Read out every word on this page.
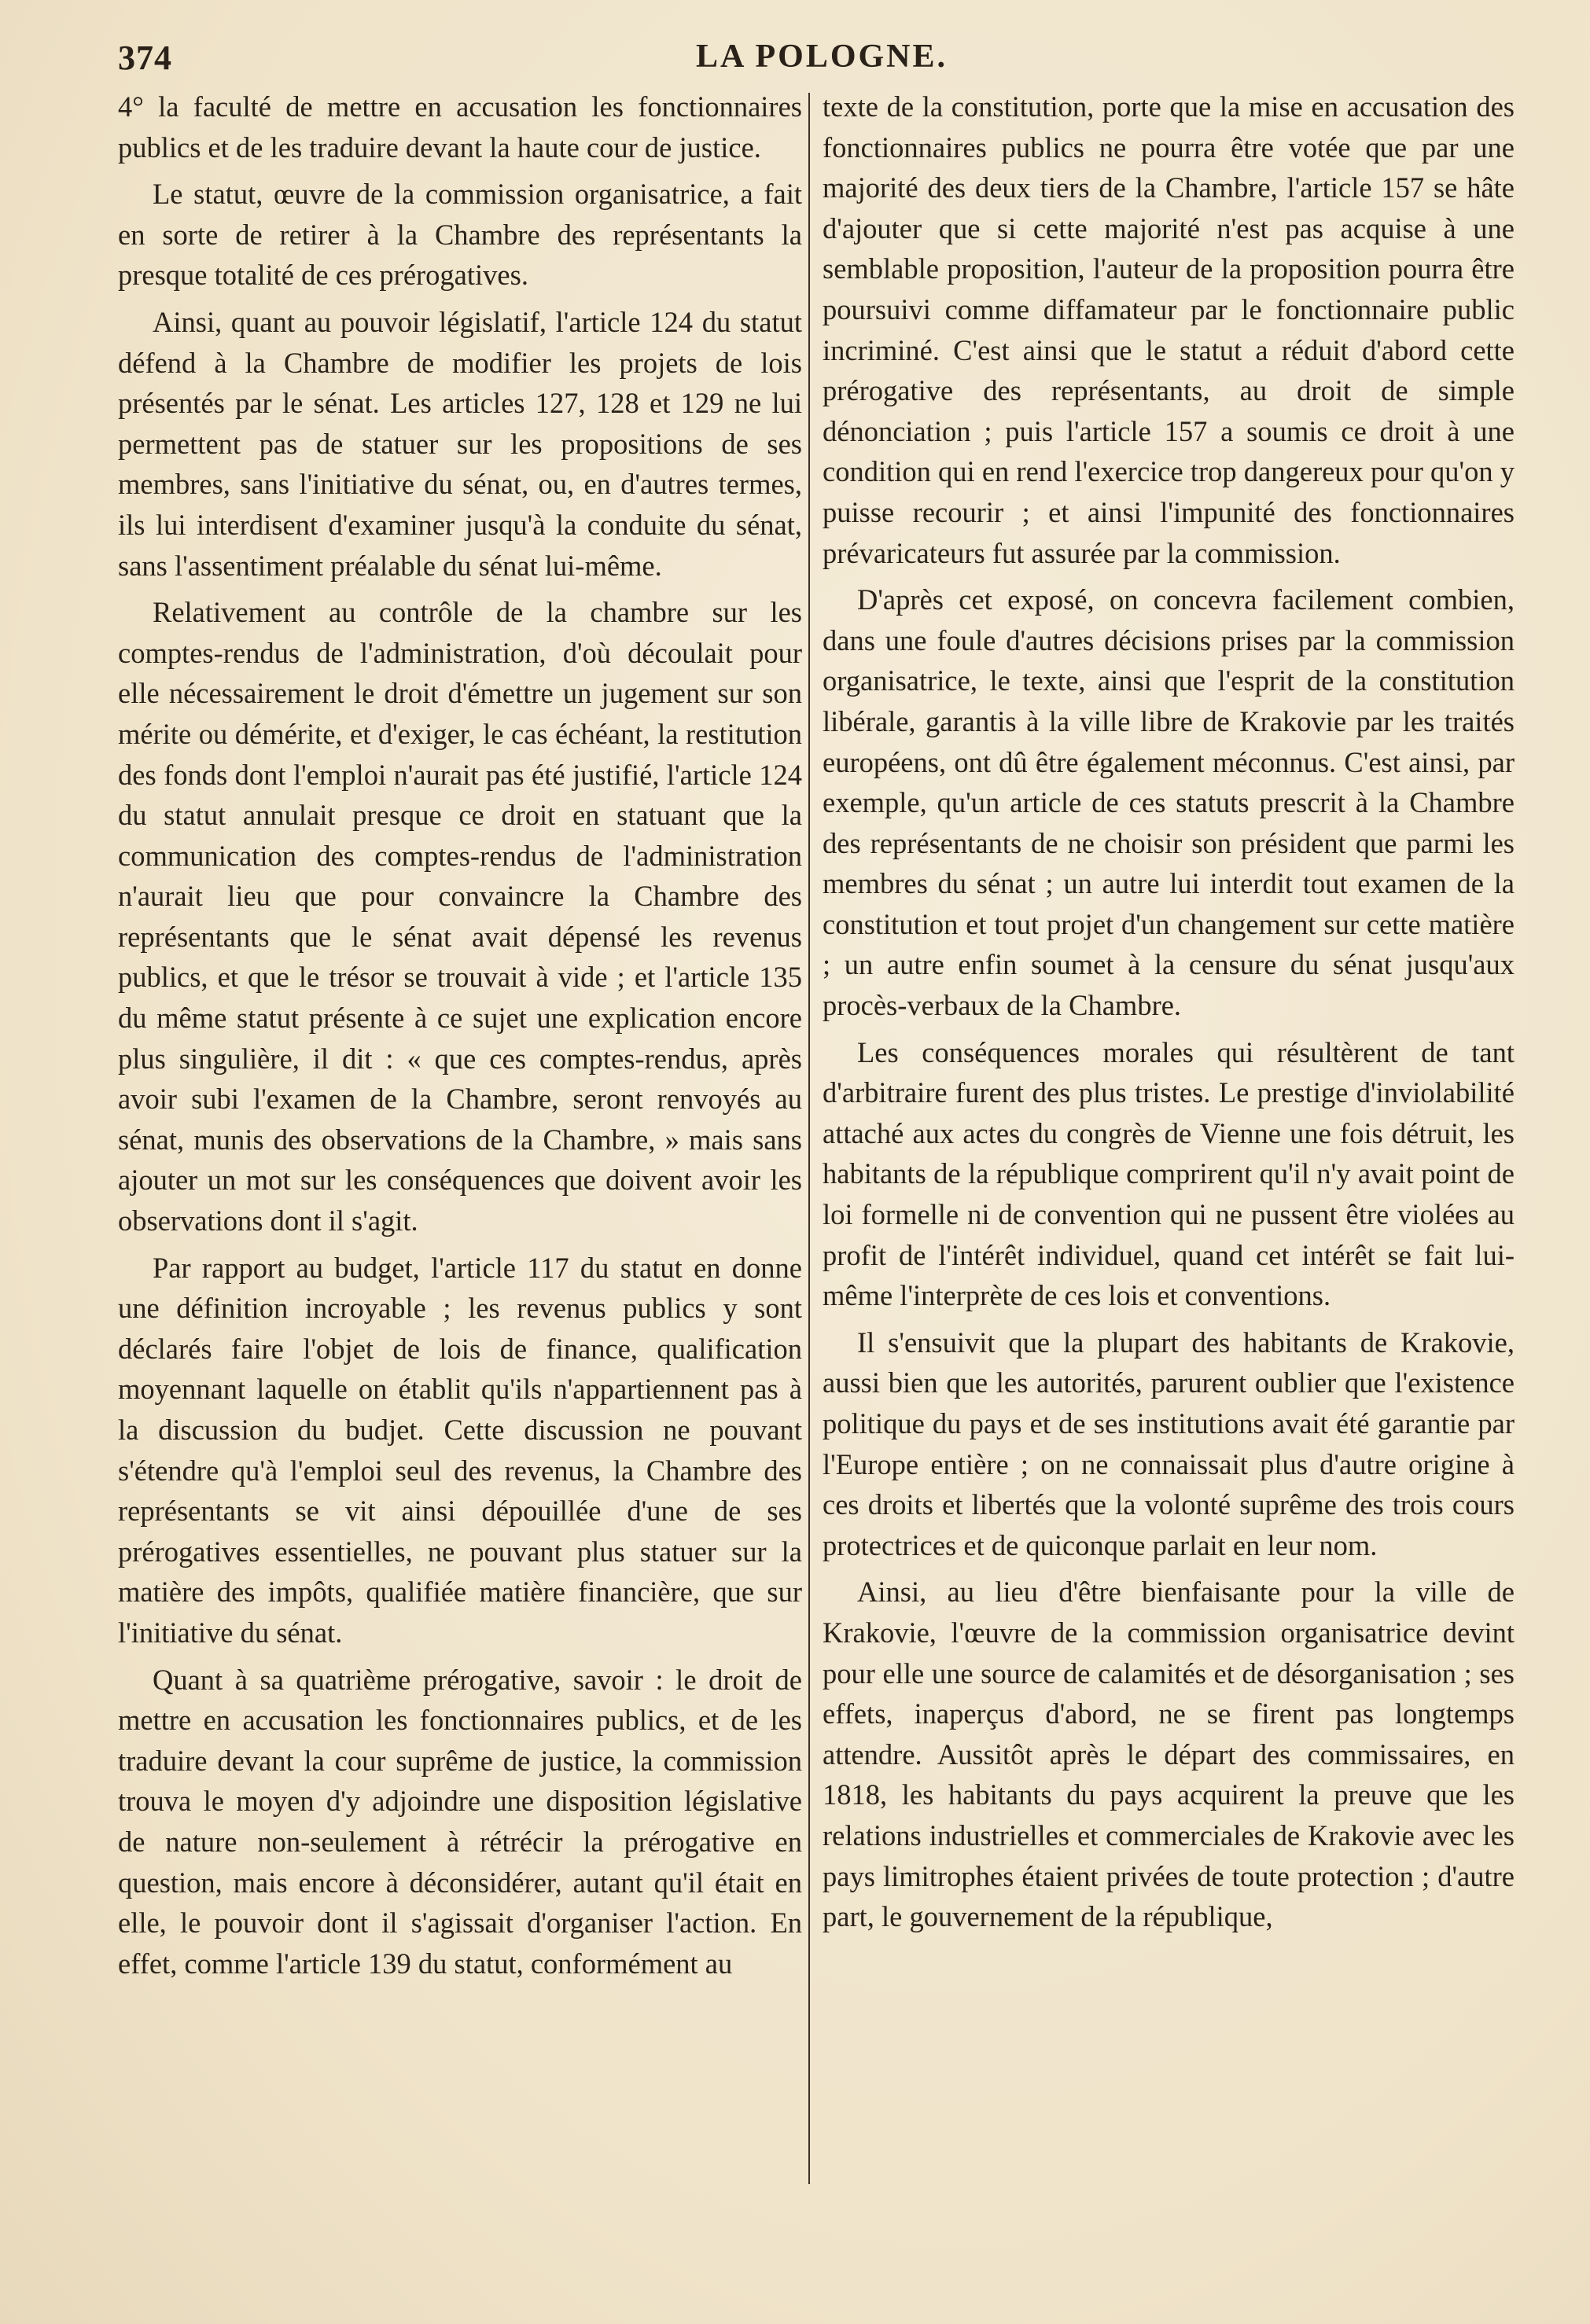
374	LA POLOGNE.

4° la faculté de mettre en accusation les fonctionnaires publics et de les traduire devant la haute cour de justice.

Le statut, œuvre de la commission organisatrice, a fait en sorte de retirer à la Chambre des représentants la presque totalité de ces prérogatives.

Ainsi, quant au pouvoir législatif, l'article 124 du statut défend à la Chambre de modifier les projets de lois présentés par le sénat. Les articles 127, 128 et 129 ne lui permettent pas de statuer sur les propositions de ses membres, sans l'initiative du sénat, ou, en d'autres termes, ils lui interdisent d'examiner jusqu'à la conduite du sénat, sans l'assentiment préalable du sénat lui-même.

Relativement au contrôle de la chambre sur les comptes-rendus de l'administration, d'où découlait pour elle nécessairement le droit d'émettre un jugement sur son mérite ou démérite, et d'exiger, le cas échéant, la restitution des fonds dont l'emploi n'aurait pas été justifié, l'article 124 du statut annulait presque ce droit en statuant que la communication des comptes-rendus de l'administration n'aurait lieu que pour convaincre la Chambre des représentants que le sénat avait dépensé les revenus publics, et que le trésor se trouvait à vide ; et l'article 135 du même statut présente à ce sujet une explication encore plus singulière, il dit : « que ces comptes-rendus, après avoir subi l'examen de la Chambre, seront renvoyés au sénat, munis des observations de la Chambre, » mais sans ajouter un mot sur les conséquences que doivent avoir les observations dont il s'agit.

Par rapport au budget, l'article 117 du statut en donne une définition incroyable ; les revenus publics y sont déclarés faire l'objet de lois de finance, qualification moyennant laquelle on établit qu'ils n'appartiennent pas à la discussion du budjet. Cette discussion ne pouvant s'étendre qu'à l'emploi seul des revenus, la Chambre des représentants se vit ainsi dépouillée d'une de ses prérogatives essentielles, ne pouvant plus statuer sur la matière des impôts, qualifiée matière financière, que sur l'initiative du sénat.

Quant à sa quatrième prérogative, savoir : le droit de mettre en accusation les fonctionnaires publics, et de les traduire devant la cour suprême de justice, la commission trouva le moyen d'y adjoindre une disposition législative de nature non-seulement à rétrécir la prérogative en question, mais encore à déconsidérer, autant qu'il était en elle, le pouvoir dont il s'agissait d'organiser l'action. En effet, comme l'article 139 du statut, conformément au

texte de la constitution, porte que la mise en accusation des fonctionnaires publics ne pourra être votée que par une majorité des deux tiers de la Chambre, l'article 157 se hâte d'ajouter que si cette majorité n'est pas acquise à une semblable proposition, l'auteur de la proposition pourra être poursuivi comme diffamateur par le fonctionnaire public incriminé. C'est ainsi que le statut a réduit d'abord cette prérogative des représentants, au droit de simple dénonciation ; puis l'article 157 a soumis ce droit à une condition qui en rend l'exercice trop dangereux pour qu'on y puisse recourir ; et ainsi l'impunité des fonctionnaires prévaricateurs fut assurée par la commission.

D'après cet exposé, on concevra facilement combien, dans une foule d'autres décisions prises par la commission organisatrice, le texte, ainsi que l'esprit de la constitution libérale, garantis à la ville libre de Krakovie par les traités européens, ont dû être également méconnus. C'est ainsi, par exemple, qu'un article de ces statuts prescrit à la Chambre des représentants de ne choisir son président que parmi les membres du sénat ; un autre lui interdit tout examen de la constitution et tout projet d'un changement sur cette matière ; un autre enfin soumet à la censure du sénat jusqu'aux procès-verbaux de la Chambre.

Les conséquences morales qui résultèrent de tant d'arbitraire furent des plus tristes. Le prestige d'inviolabilité attaché aux actes du congrès de Vienne une fois détruit, les habitants de la république comprirent qu'il n'y avait point de loi formelle ni de convention qui ne pussent être violées au profit de l'intérêt individuel, quand cet intérêt se fait lui-même l'interprète de ces lois et conventions.

Il s'ensuivit que la plupart des habitants de Krakovie, aussi bien que les autorités, parurent oublier que l'existence politique du pays et de ses institutions avait été garantie par l'Europe entière ; on ne connaissait plus d'autre origine à ces droits et libertés que la volonté suprême des trois cours protectrices et de quiconque parlait en leur nom.

Ainsi, au lieu d'être bienfaisante pour la ville de Krakovie, l'œuvre de la commission organisatrice devint pour elle une source de calamités et de désorganisation ; ses effets, inaperçus d'abord, ne se firent pas longtemps attendre. Aussitôt après le départ des commissaires, en 1818, les habitants du pays acquirent la preuve que les relations industrielles et commerciales de Krakovie avec les pays limitrophes étaient privées de toute protection ; d'autre part, le gouvernement de la république,
